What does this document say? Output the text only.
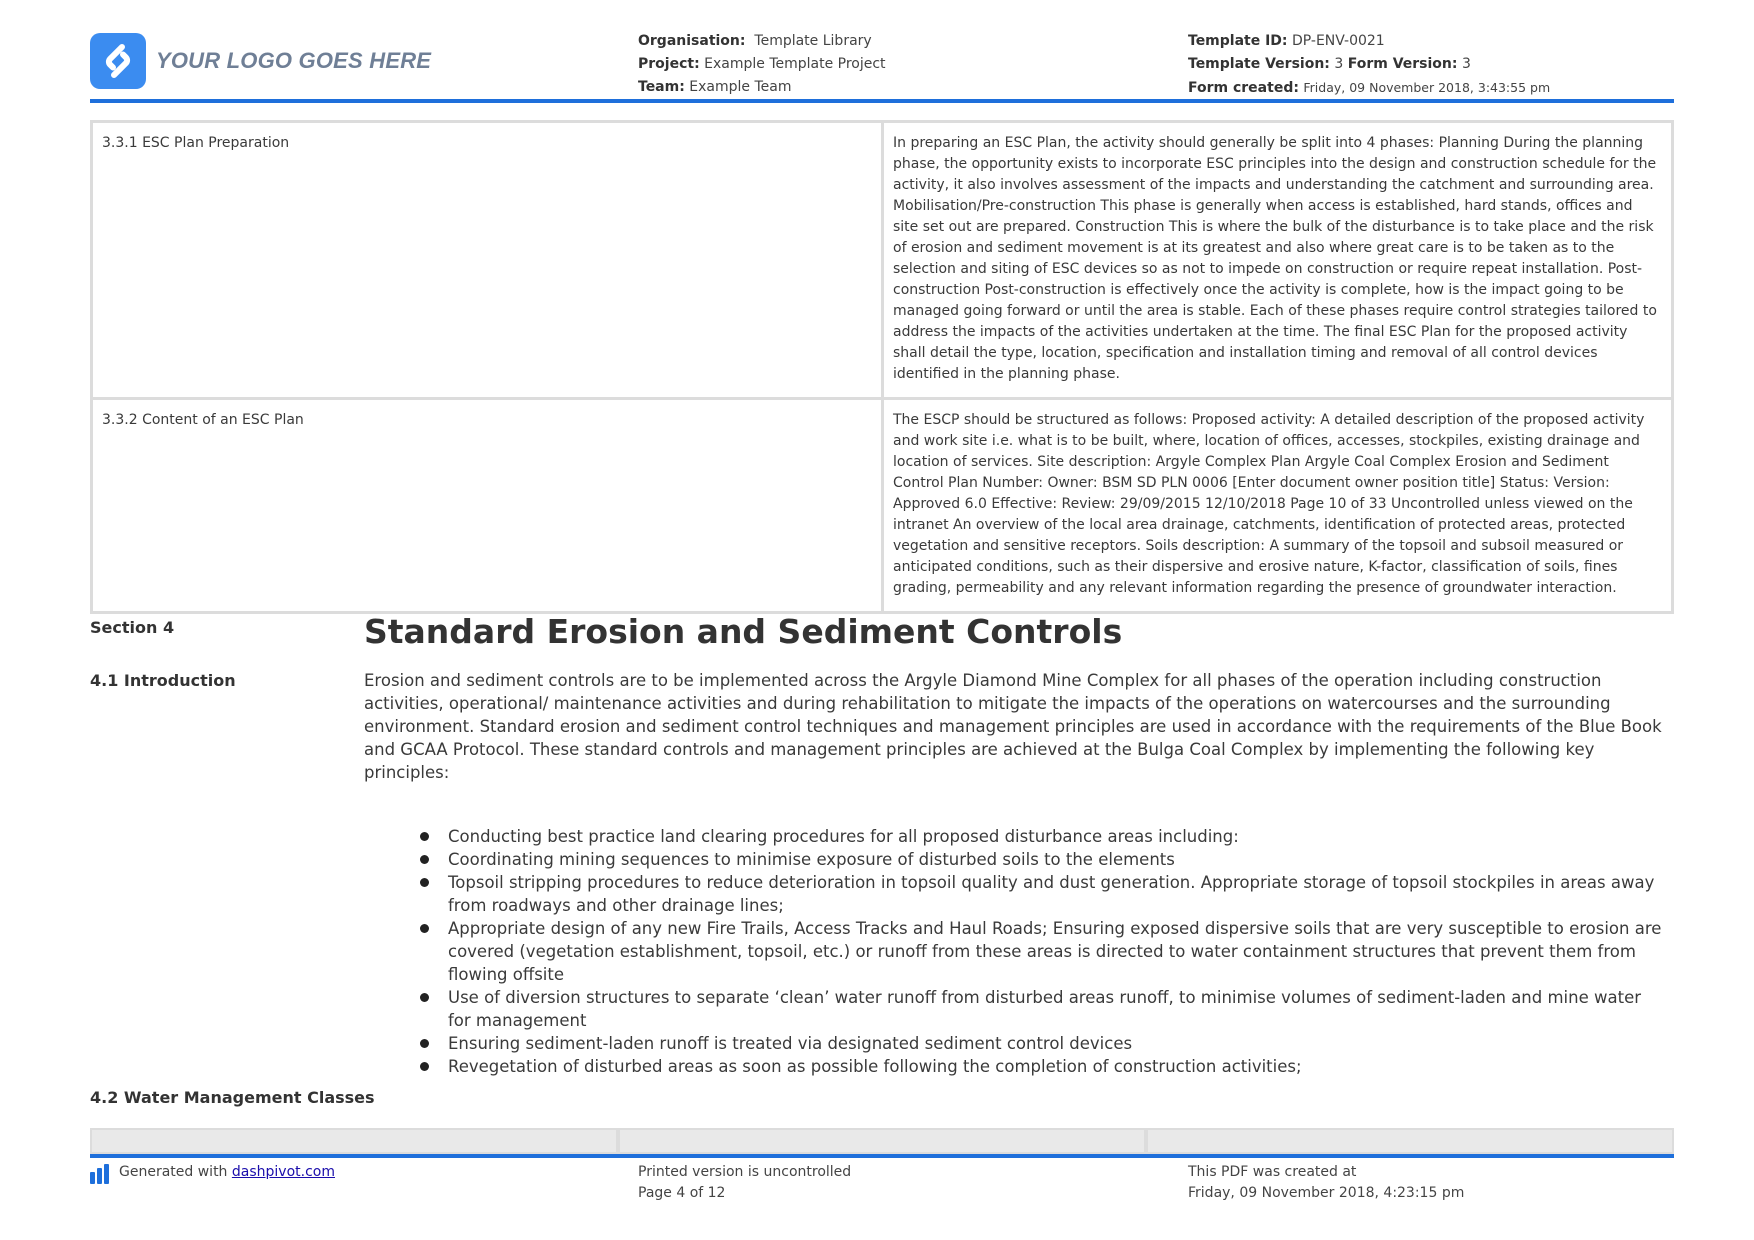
YOUR LOGO GOES HERE
Organisation: Template Library
Project: Example Template Project
Team: Example Team
Template ID: DP-ENV-0021
Template Version: 3 Form Version: 3
Form created: Friday, 09 November 2018, 3:43:55 pm
3.3.1 ESC Plan Preparation	In preparing an ESC Plan, the activity should generally be split into 4 phases: Planning During the planning phase, the opportunity exists to incorporate ESC principles into the design and construction schedule for the activity, it also involves assessment of the impacts and understanding the catchment and surrounding area. Mobilisation/Pre-construction This phase is generally when access is established, hard stands, offices and site set out are prepared. Construction This is where the bulk of the disturbance is to take place and the risk of erosion and sediment movement is at its greatest and also where great care is to be taken as to the selection and siting of ESC devices so as not to impede on construction or require repeat installation. Post-construction Post-construction is effectively once the activity is complete, how is the impact going to be managed going forward or until the area is stable. Each of these phases require control strategies tailored to address the impacts of the activities undertaken at the time. The final ESC Plan for the proposed activity shall detail the type, location, specification and installation timing and removal of all control devices identified in the planning phase.
3.3.2 Content of an ESC Plan	The ESCP should be structured as follows: Proposed activity: A detailed description of the proposed activity and work site i.e. what is to be built, where, location of offices, accesses, stockpiles, existing drainage and location of services. Site description: Argyle Complex Plan Argyle Coal Complex Erosion and Sediment Control Plan Number: Owner: BSM SD PLN 0006 [Enter document owner position title] Status: Version: Approved 6.0 Effective: Review: 29/09/2015 12/10/2018 Page 10 of 33 Uncontrolled unless viewed on the intranet An overview of the local area drainage, catchments, identification of protected areas, protected vegetation and sensitive receptors. Soils description: A summary of the topsoil and subsoil measured or anticipated conditions, such as their dispersive and erosive nature, K-factor, classification of soils, fines grading, permeability and any relevant information regarding the presence of groundwater interaction.
Section 4	Standard Erosion and Sediment Controls
4.1 Introduction	Erosion and sediment controls are to be implemented across the Argyle Diamond Mine Complex for all phases of the operation including construction activities, operational/ maintenance activities and during rehabilitation to mitigate the impacts of the operations on watercourses and the surrounding environment. Standard erosion and sediment control techniques and management principles are used in accordance with the requirements of the Blue Book and GCAA Protocol. These standard controls and management principles are achieved at the Bulga Coal Complex by implementing the following key principles:

Conducting best practice land clearing procedures for all proposed disturbance areas including:
Coordinating mining sequences to minimise exposure of disturbed soils to the elements
Topsoil stripping procedures to reduce deterioration in topsoil quality and dust generation. Appropriate storage of topsoil stockpiles in areas away from roadways and other drainage lines;
Appropriate design of any new Fire Trails, Access Tracks and Haul Roads; Ensuring exposed dispersive soils that are very susceptible to erosion are covered (vegetation establishment, topsoil, etc.) or runoff from these areas is directed to water containment structures that prevent them from flowing offsite
Use of diversion structures to separate ‘clean’ water runoff from disturbed areas runoff, to minimise volumes of sediment-laden and mine water for management
Ensuring sediment-laden runoff is treated via designated sediment control devices
Revegetation of disturbed areas as soon as possible following the completion of construction activities;
4.2 Water Management Classes
Generated with
dashpivot.com	Printed version is uncontrolled
Page 4 of 12
This PDF was created at
Friday, 09 November 2018, 4:23:15 pm
